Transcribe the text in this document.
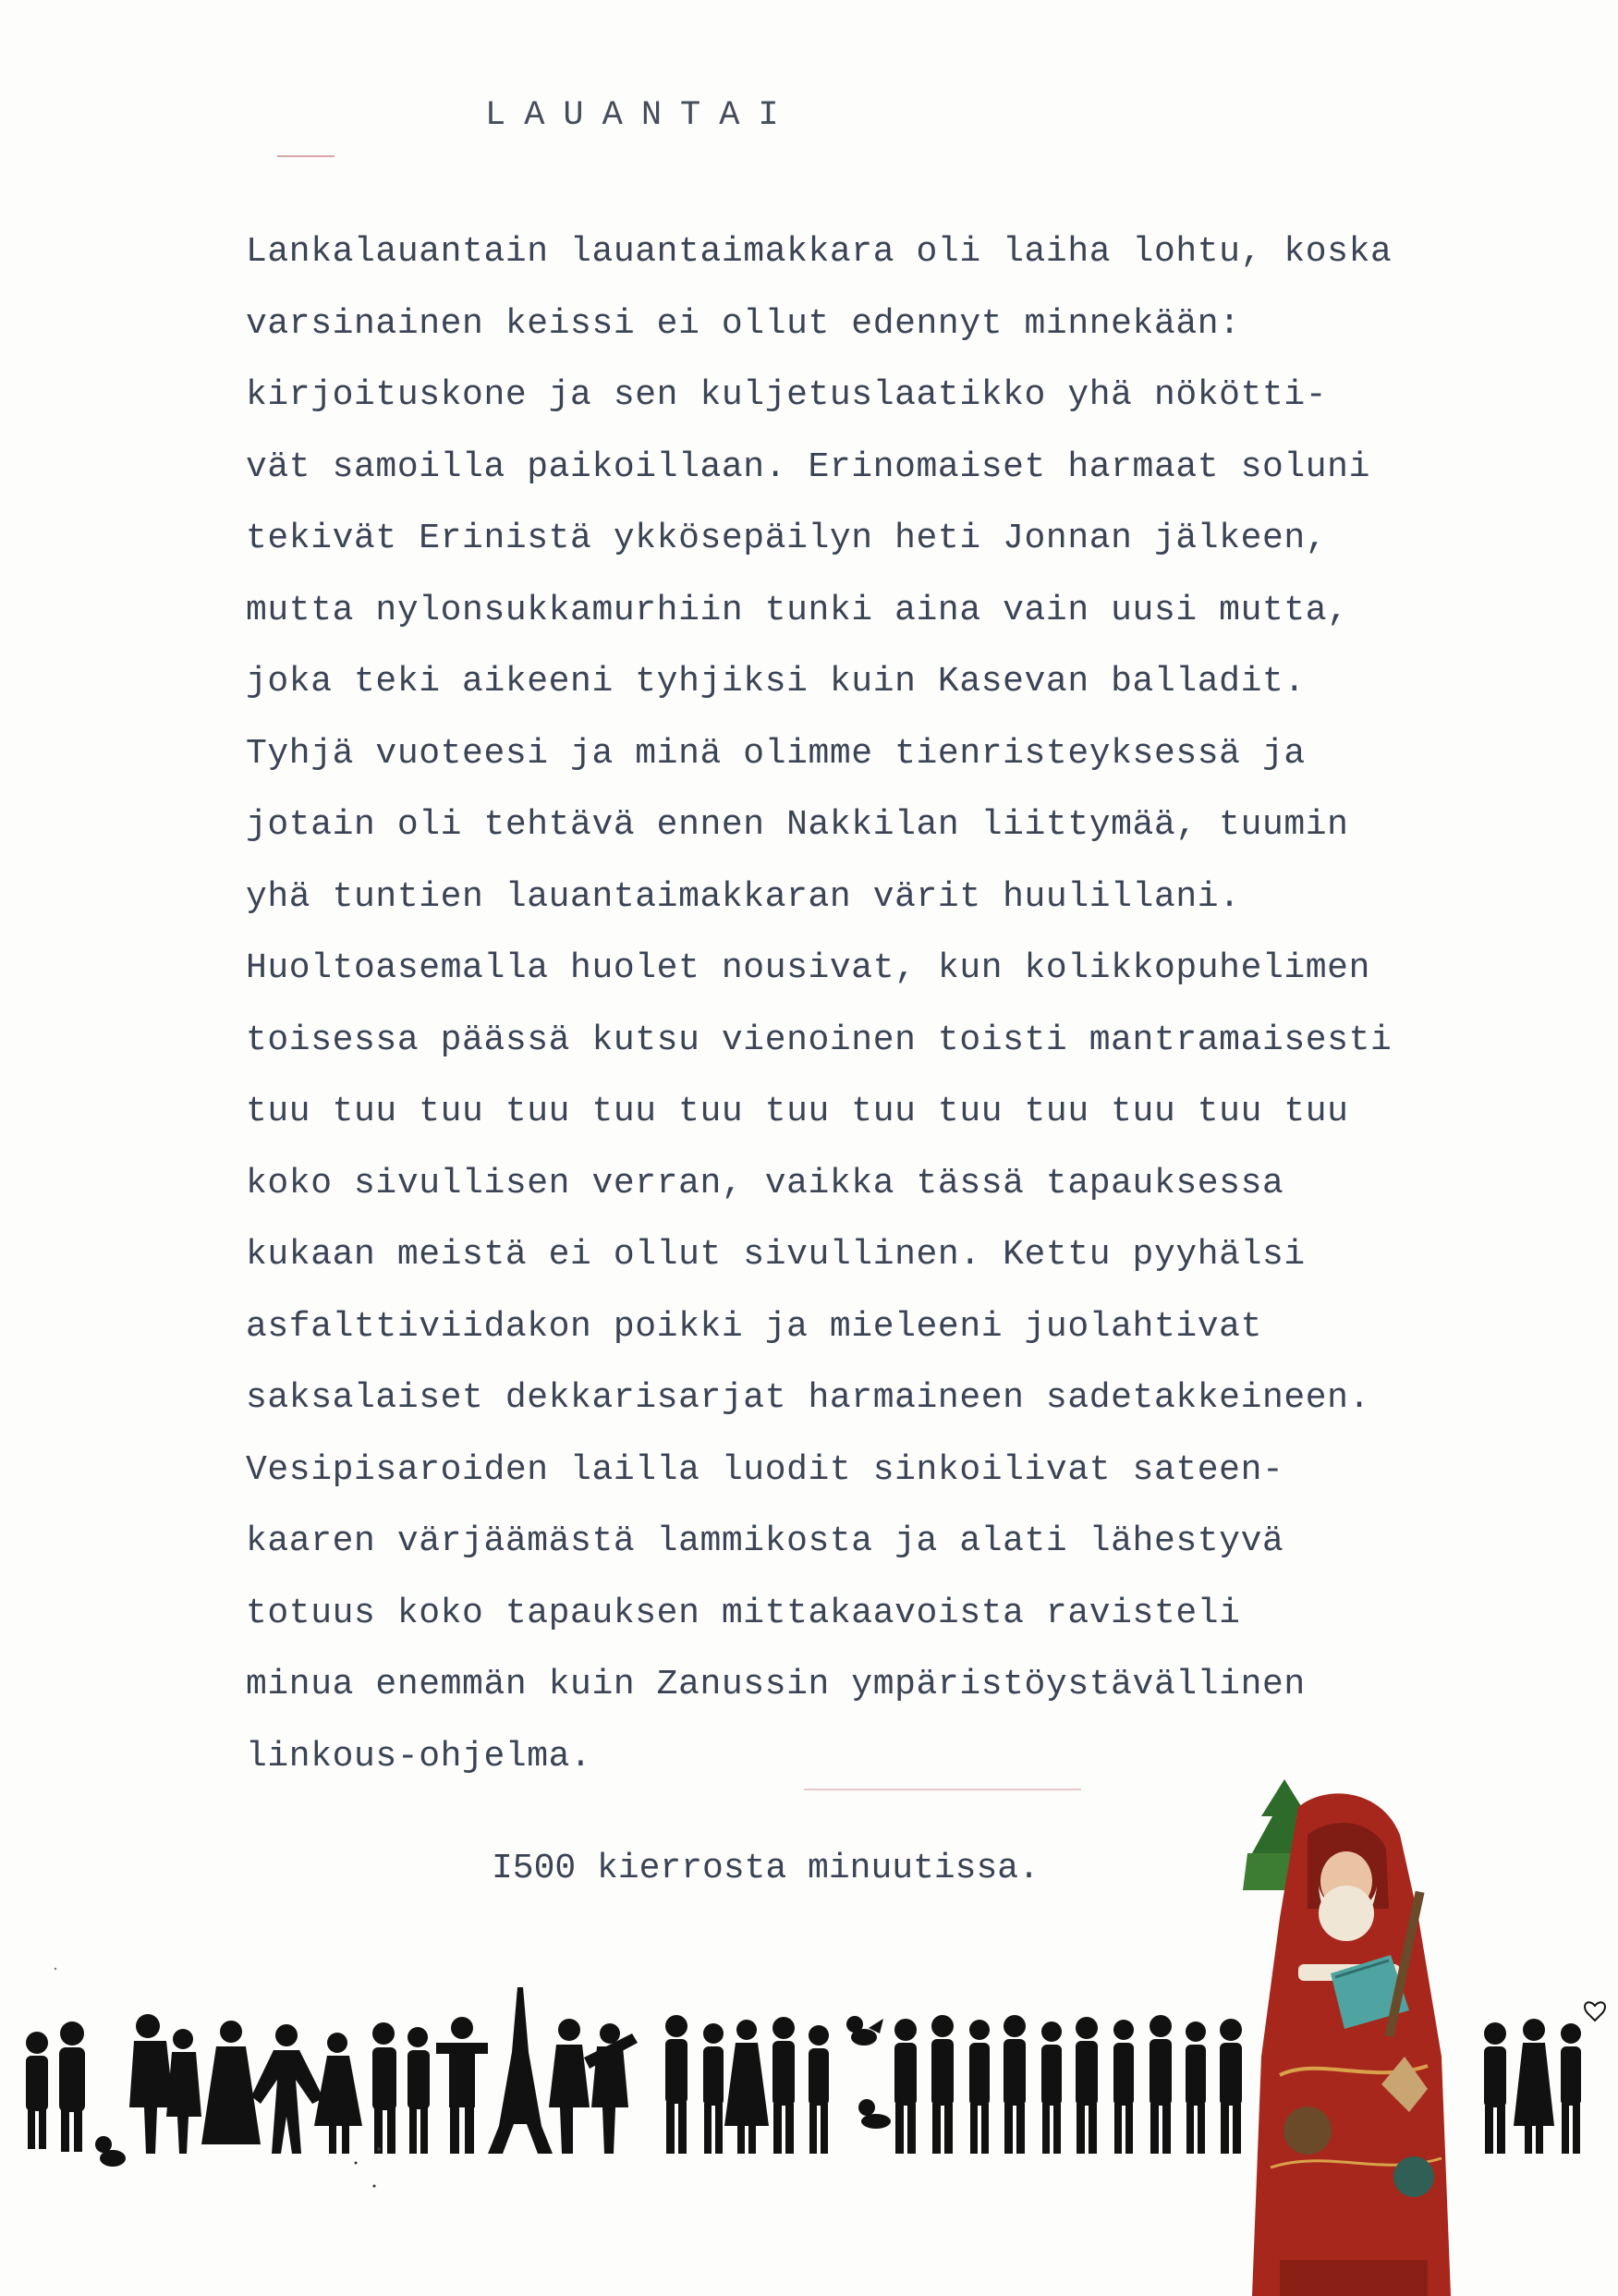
LAUANTAI
Lankalauantain lauantaimakkara oli laiha lohtu, koska
varsinainen keissi ei ollut edennyt minnekään:
kirjoituskone ja sen kuljetuslaatikko yhä nökötti-
vät samoilla paikoillaan. Erinomaiset harmaat soluni
tekivät Erinistä ykkösepäilyn heti Jonnan jälkeen,
mutta nylonsukkamurhiin tunki aina vain uusi mutta,
joka teki aikeeni tyhjiksi kuin Kasevan balladit.
Tyhjä vuoteesi ja minä olimme tienristeyksessä ja
jotain oli tehtävä ennen Nakkilan liittymää, tuumin
yhä tuntien lauantaimakkaran värit huulillani.
Huoltoasemalla huolet nousivat, kun kolikkopuhelimen
toisessa päässä kutsu vienoinen toisti mantramaisesti
tuu tuu tuu tuu tuu tuu tuu tuu tuu tuu tuu tuu tuu
koko sivullisen verran, vaikka tässä tapauksessa
kukaan meistä ei ollut sivullinen. Kettu pyyhälsi
asfalttiviidakon poikki ja mieleeni juolahtivat
saksalaiset dekkarisarjat harmaineen sadetakkeineen.
Vesipisaroiden lailla luodit sinkoilivat sateen-
kaaren värjäämästä lammikosta ja alati lähestyvä
totuus koko tapauksen mittakaavoista ravisteli
minua enemmän kuin Zanussin ympäristöystävällinen
linkous-ohjelma.
I500 kierrosta minuutissa.
